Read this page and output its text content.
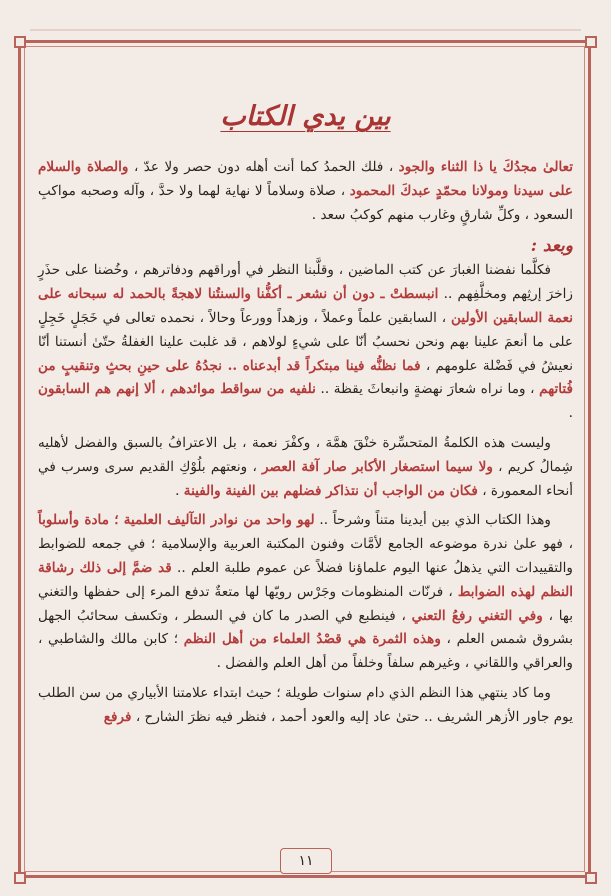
بين يدي الكتاب

تعالىٰ مجدُكَ يا ذا الثناء والجود ، فلك الحمدُ كما أنت أهله دون حصر ولا عدّ ، والصلاة والسلام على سيدنا ومولانا محمّدٍ عبدكَ المحمود ، صلاة وسلاماً لا نهاية لهما ولا حدَّ ، وآله وصحبه مواكبِ السعود ، وكلِّ شارقٍ وغارب منهم كوكبُ سعد .

وبعد :

فكلَّما نفضنا الغبارَ عن كتب الماضين ، وقلَّبنا النظر في أوراقهم ودفاترهم ، وخُضنا على حذَرٍ زاخرَ إرثِهم ومخلَّفِهم .. انبسطتْ ـ دون أن نشعر ـ أكفُّنا والسنتُنا لاهجةً بالحمد له سبحانه على نعمة السابقين الأولين ، السابقين علماً وعملاً ، وزهداً وورعاً وحالاً ، نحمده تعالى في خَجَلٍ خَجِلٍ على ما أنعمَ علينا بهم ونحن نحسبُ أنّا على شيءٍ لولاهم ، قد غلبت علينا الغفلةُ حتّىٰ أنستنا أنّا نعيشُ في فَضْلة علومهم ، فما نظنُّه فينا مبتكراً قد أبدعناه .. نجدُهُ على حينِ بحثٍ وتنقيبٍ من فُتاتهم ، وما نراه شعارَ نهضةٍ وانبعاثَ يقظة .. نلفيه من سواقط موائدهم ، ألا إنهم هم السابقون .

وليست هذه الكلمةُ المتحسِّرة خنْقَ همَّة ، وكفْرَ نعمة ، بل الاعترافُ بالسبق والفضل لأهليه شِمالُ كريم ، ولا سيما استصغار الأكابر صار آفة العصر ، ونعتهم بلُوْكِ القديم سرى وسرب في أنحاء المعمورة ، فكان من الواجب أن نتذاكر فضلهم بين الفينة والفينة .

وهذا الكتاب الذي بين أيدينا متناً وشرحاً .. لهو واحد من نوادر التآليف العلمية ؛ مادة وأسلوباً ، فهو علىٰ ندرة موضوعه الجامع لأمَّات وفنون المكتبة العربية والإسلامية ؛ في جمعه للضوابط والتقييدات التي يذهلُ عنها اليوم علماؤنا فضلاً عن عموم طلبة العلم .. قد ضمَّ إلى ذلك رشاقة النظم لهذه الضوابط ، فرنّات المنظومات وجَرْس رويّها لها متعةٌ تدفع المرء إلى حفظها والتغني بها ، وفي التغني رفعُ التعني ، فينطبع في الصدر ما كان في السطر ، وتكسف سحائبُ الجهل بشروق شمس العلم ، وهذه الثمرة هي قصْدُ العلماء من أهل النظم ؛ كابن مالك والشاطبي ، والعراقي واللقاني ، وغيرهم سلفاً وخلفاً من أهل العلم والفضل .

وما كاد ينتهي هذا النظم الذي دام سنوات طويلة ؛ حيث ابتداء علامتنا الأبياري من سن الطلب يوم جاور الأزهر الشريف .. حتىٰ عاد إليه والعود أحمد ، فنظر فيه نظرَ الشارح ، فرفع

١١
